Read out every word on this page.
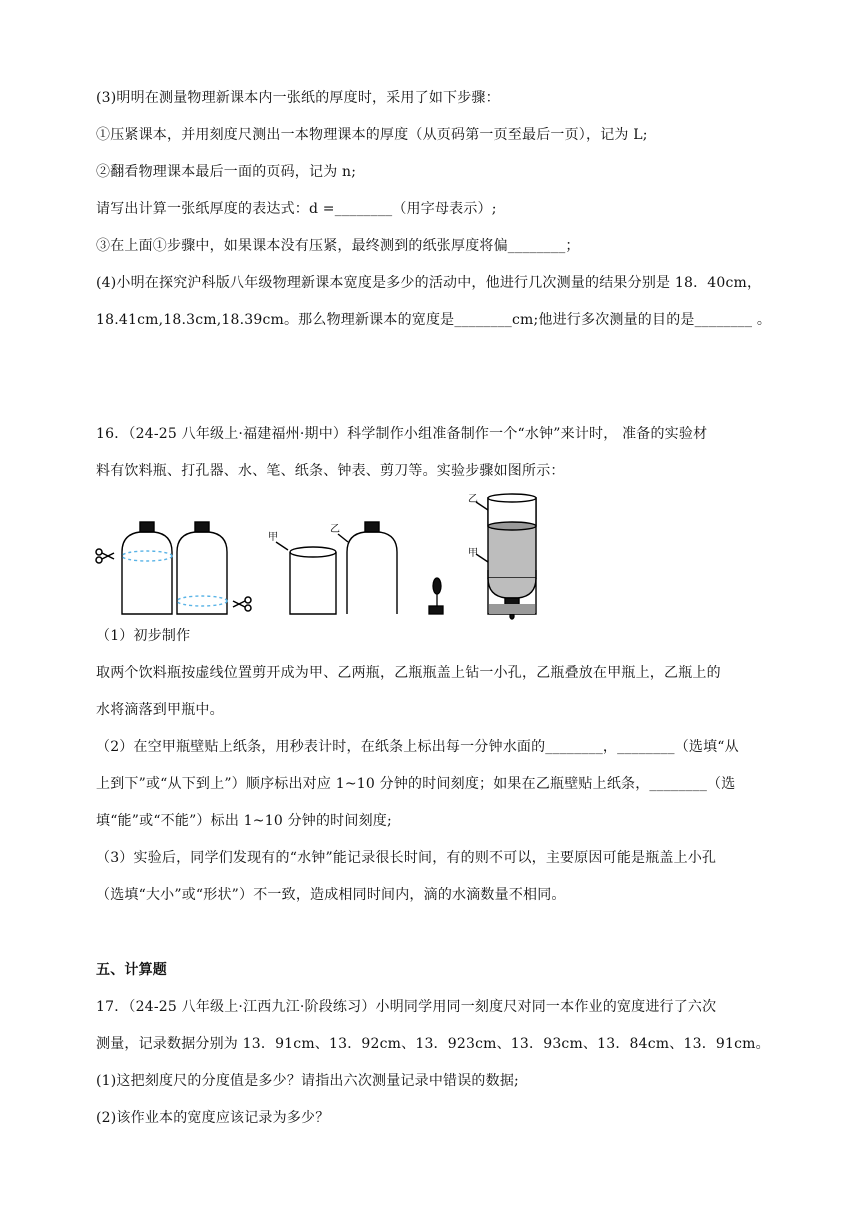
(3)明明在测量物理新课本内一张纸的厚度时，采用了如下步骤：
①压紧课本，并用刻度尺测出一本物理课本的厚度（从页码第一页至最后一页），记为 L;
②翻看物理课本最后一面的页码，记为 n;
请写出计算一张纸厚度的表达式：d =________（用字母表示）;
③在上面①步骤中，如果课本没有压紧，最终测到的纸张厚度将偏________；
(4)小明在探究沪科版八年级物理新课本宽度是多少的活动中，他进行几次测量的结果分别是 18．40cm，
18.41cm,18.3cm,18.39cm。那么物理新课本的宽度是________cm;他进行多次测量的目的是________ 。
16．（24-25 八年级上·福建福州·期中）科学制作小组准备制作一个“水钟”来计时， 准备的实验材
料有饮料瓶、打孔器、水、笔、纸条、钟表、剪刀等。实验步骤如图所示：
甲
乙
乙
甲
（1）初步制作
取两个饮料瓶按虚线位置剪开成为甲、乙两瓶，乙瓶瓶盖上钻一小孔，乙瓶叠放在甲瓶上，乙瓶上的
水将滴落到甲瓶中。
（2）在空甲瓶壁贴上纸条，用秒表计时，在纸条上标出每一分钟水面的________，________（选填“从
上到下”或“从下到上”）顺序标出对应 1~10 分钟的时间刻度；如果在乙瓶壁贴上纸条，________（选
填“能”或“不能”）标出 1~10 分钟的时间刻度;
（3）实验后，同学们发现有的“水钟”能记录很长时间，有的则不可以，主要原因可能是瓶盖上小孔
（选填“大小”或“形状”）不一致，造成相同时间内，滴的水滴数量不相同。
五、计算题
17．（24-25 八年级上·江西九江·阶段练习）小明同学用同一刻度尺对同一本作业的宽度进行了六次
测量，记录数据分别为 13．91cm、13．92cm、13．923cm、13．93cm、13．84cm、13．91cm。
(1)这把刻度尺的分度值是多少？请指出六次测量记录中错误的数据;
(2)该作业本的宽度应该记录为多少？
